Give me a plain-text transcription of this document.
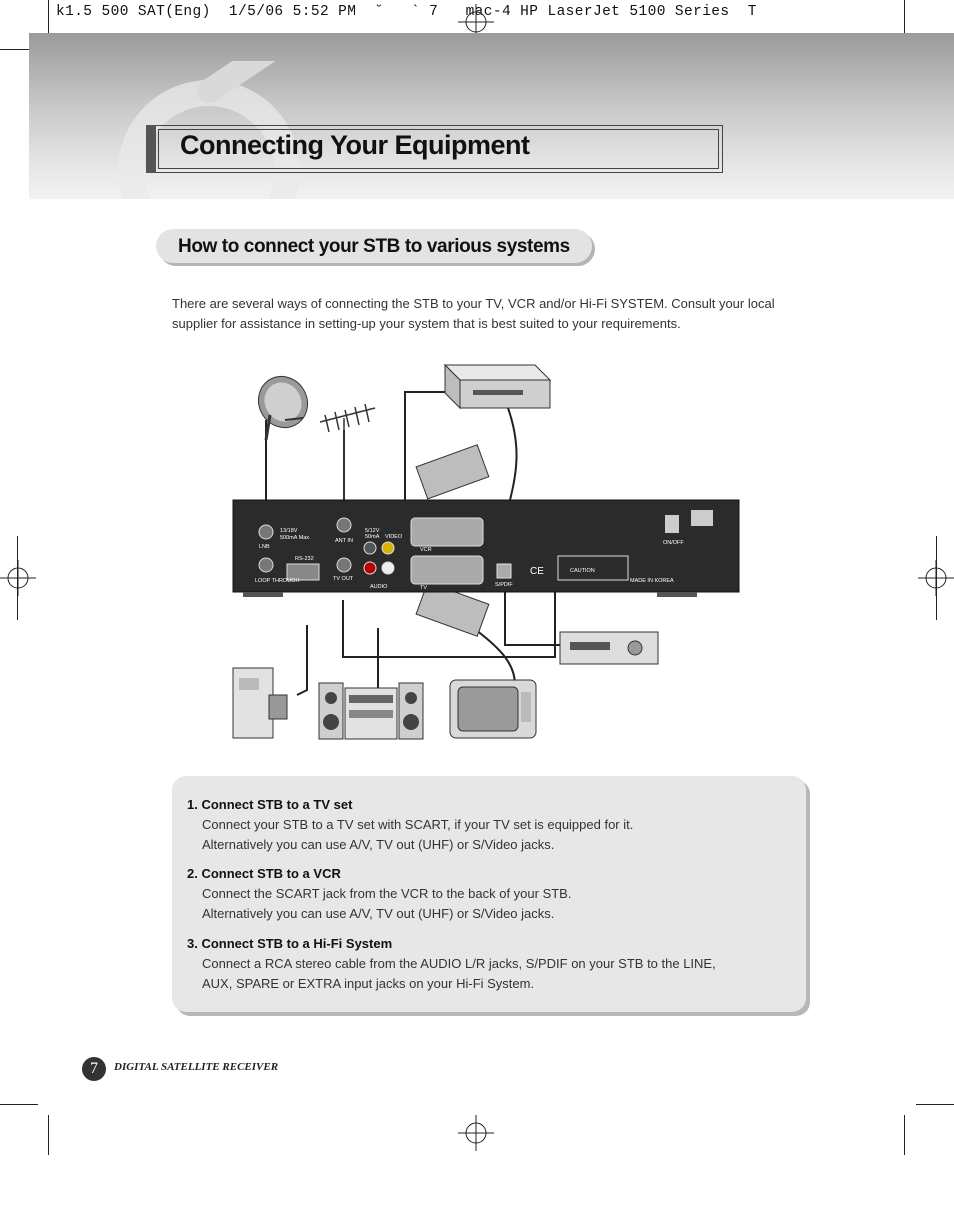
k1.5 500 SAT(Eng)  1/5/06 5:52 PM  ˘   ` 7   mac-4 HP LaserJet 5100 Series  T
Connecting Your Equipment
How to connect your STB to various systems
There are several ways of connecting the STB to your TV, VCR and/or Hi-Fi SYSTEM. Consult your local supplier for assistance in setting-up your system that is best suited to your requirements.
LNB
LOOP THROUGH
13/18V
500mA Max.
RS-232
ANT IN
TV OUT
5/12V
50mA VIDEO
AUDIO
VCR
TV	S/PDIF
CAUTION
CE
MADE IN KOREA
ON/OFF
1. Connect STB to a TV set
Connect your STB to a TV set with SCART, if your TV set is equipped for it.
Alternatively you can use A/V, TV out (UHF) or S/Video jacks.
2. Connect STB to a VCR
Connect the SCART jack from the VCR to the back of your STB.
Alternatively you can use A/V, TV out (UHF) or S/Video jacks.
3. Connect STB to a Hi-Fi System
Connect a RCA stereo cable from the AUDIO L/R jacks, S/PDIF on your STB to the LINE,
AUX, SPARE or EXTRA input jacks on your Hi-Fi System.
7	DIGITAL SATELLITE RECEIVER
